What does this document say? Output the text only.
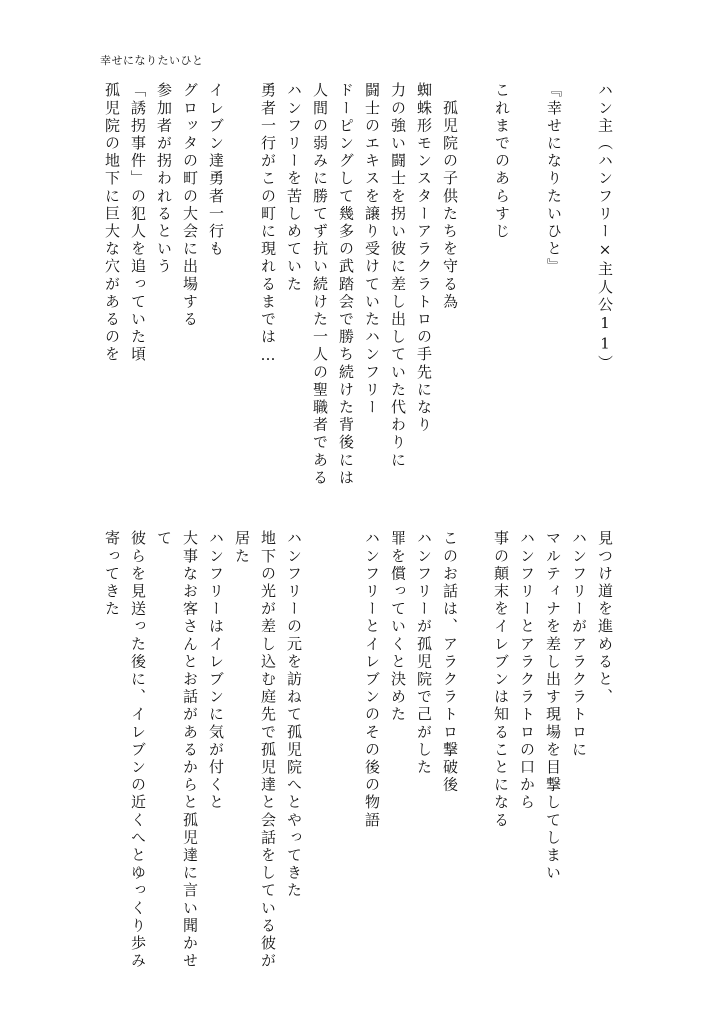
幸せになりたいひと
ハン主（ハンフリー×主人公11）
『幸せになりたいひと』
これまでのあらすじ
　孤児院の子供たちを守る為
蜘蛛形モンスターアラクラトロの手先になり
力の強い闘士を拐い彼に差し出していた代わりに
闘士のエキスを譲り受けていたハンフリー
ドーピングして幾多の武踏会で勝ち続けた背後には
人間の弱みに勝てず抗い続けた一人の聖職者である
ハンフリーを苦しめていた
勇者一行がこの町に現れるまでは…
イレブン達勇者一行も
グロッタの町の大会に出場する
参加者が拐われるという
「誘拐事件」の犯人を追っていた頃
孤児院の地下に巨大な穴があるのを
見つけ道を進めると、
ハンフリーがアラクラトロに
マルティナを差し出す現場を目撃してしまい
ハンフリーとアラクラトロの口から
事の顛末をイレブンは知ることになる
このお話は、アラクラトロ撃破後
ハンフリーが孤児院で己がした
罪を償っていくと決めた
ハンフリーとイレブンのその後の物語
ハンフリーの元を訪ねて孤児院へとやってきた
地下の光が差し込む庭先で孤児達と会話をしている彼が
居た
ハンフリーはイレブンに気が付くと
大事なお客さんとお話があるからと孤児達に言い聞かせ
て
彼らを見送った後に、イレブンの近くへとゆっくり歩み
寄ってきた
